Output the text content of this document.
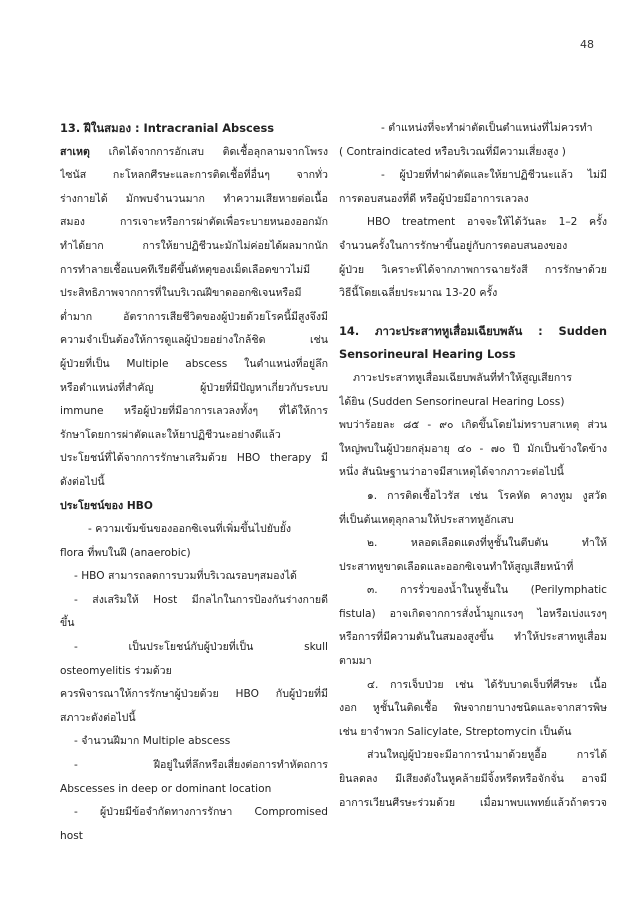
48
13. ฝีในสมอง : Intracranial Abscess
สาเหตุ เกิดได้จากการอักเสบ ติดเชื้อลุกลามจากโพรง
ไซนัส กะโหลกศีรษะและการติดเชื้อที่อื่นๆ จากทั่ว
ร่างกายได้ มักพบจำนวนมาก ทำความเสียหายต่อเนื้อ
สมอง การเจาะหรือการผ่าตัดเพื่อระบายหนองออกมัก
ทำได้ยาก การให้ยาปฏิชีวนะมักไม่ค่อยได้ผลมากนัก
การทำลายเชื้อแบคทีเรียดีขึ้นดัหตุของเม็ดเลือดขาวไม่มี
ประสิทธิภาพจากการที่ในบริเวณฝีขาดออกซิเจนหรือมี
ต่ำมาก อัตราการเสียชีวิตของผู้ป่วยด้วยโรคนี้มีสูงจึงมี
ความจำเป็นต้องให้การดูแลผู้ป่วยอย่างใกล้ชิด เช่น
ผู้ป่วยที่เป็น Multiple abscess ในตำแหน่งที่อยู่ลึก
หรือตำแหน่งที่สำคัญ ผู้ป่วยที่มีปัญหาเกี่ยวกับระบบ
immune หรือผู้ป่วยที่มีอาการเลวลงทั้งๆ ที่ได้ให้การ
รักษาโดยการผ่าตัดและให้ยาปฏิชีวนะอย่างดีแล้ว
ประโยชน์ที่ได้จากการรักษาเสริมด้วย HBO therapy มี
ดังต่อไปนี้
ประโยชน์ของ HBO
- ความเข้มข้นของออกซิเจนที่เพิ่มขึ้นไปยับยั้ง
flora ที่พบในฝี (anaerobic)
- HBO สามารถลดการบวมที่บริเวณรอบๆสมองได้
- ส่งเสริมให้ Host มีกลไกในการป้องกันร่างกายดี
ขึ้น
- เป็นประโยชน์กับผู้ป่วยที่เป็น skull
osteomyelitis ร่วมด้วย
ควรพิจารณาให้การรักษาผู้ป่วยด้วย HBO กับผู้ป่วยที่มี
สภาวะดังต่อไปนี้
- จำนวนฝีมาก Multiple abscess
- ฝีอยู่ในที่ลึกหรือเสี่ยงต่อการทำหัตถการ
Abscesses in deep or dominant location
- ผู้ป่วยมีข้อจำกัดทางการรักษา Compromised
host
- ตำแหน่งที่จะทำผ่าตัดเป็นตำแหน่งที่ไม่ควรทำ
( Contraindicated หรือบริเวณที่มีความเสี่ยงสูง )
- ผู้ป่วยที่ทำผ่าตัดและให้ยาปฏิชีวนะแล้ว ไม่มี
การตอบสนองที่ดี หรือผู้ป่วยมีอาการเลวลง
HBO treatment อาจจะให้ได้วันละ 1–2 ครั้ง
จำนวนครั้งในการรักษาขึ้นอยู่กับการตอบสนองของ
ผู้ป่วย วิเคราะห์ได้จากภาพการฉายรังสี การรักษาด้วย
วิธีนี้โดยเฉลี่ยประมาณ 13-20 ครั้ง
14. ภาวะประสาทหูเสื่อมเฉียบพลัน : Sudden
Sensorineural Hearing Loss
ภาวะประสาทหูเสื่อมเฉียบพลันที่ทำให้สูญเสียการ
ได้ยิน (Sudden Sensorineural Hearing Loss)
พบว่าร้อยละ ๘๕ - ๙๐ เกิดขึ้นโดยไม่ทราบสาเหตุ ส่วน
ใหญ่พบในผู้ป่วยกลุ่มอายุ ๔๐ - ๗๐ ปี มักเป็นข้างใดข้าง
หนึ่ง สันนิษฐานว่าอาจมีสาเหตุได้จากภาวะต่อไปนี้
๑. การติดเชื้อไวรัส เช่น โรคหัด คางทูม งูสวัด
ที่เป็นต้นเหตุลุกลามให้ประสาทหูอักเสบ
๒. หลอดเลือดแดงที่หูชั้นในตีบตัน ทำให้
ประสาทหูขาดเลือดและออกซิเจนทำให้สูญเสียหน้าที่
๓. การรั่วของน้ำในหูชั้นใน (Perilymphatic
fistula) อาจเกิดจากการสั่งน้ำมูกแรงๆ ไอหรือเบ่งแรงๆ
หรือการที่มีความดันในสมองสูงขึ้น ทำให้ประสาทหูเสื่อม
ตามมา
๔. การเจ็บป่วย เช่น ได้รับบาดเจ็บที่ศีรษะ เนื้อ
งอก หูชั้นในติดเชื้อ พิษจากยาบางชนิดและจากสารพิษ
เช่น ยาจำพวก Salicylate, Streptomycin เป็นต้น
ส่วนใหญ่ผู้ป่วยจะมีอาการนำมาด้วยหูอื้อ การได้
ยินลดลง มีเสียงดังในหูคล้ายมีจิ้งหรีดหรือจักจั่น อาจมี
อาการเวียนศีรษะร่วมด้วย เมื่อมาพบแพทย์แล้วถ้าตรวจ
